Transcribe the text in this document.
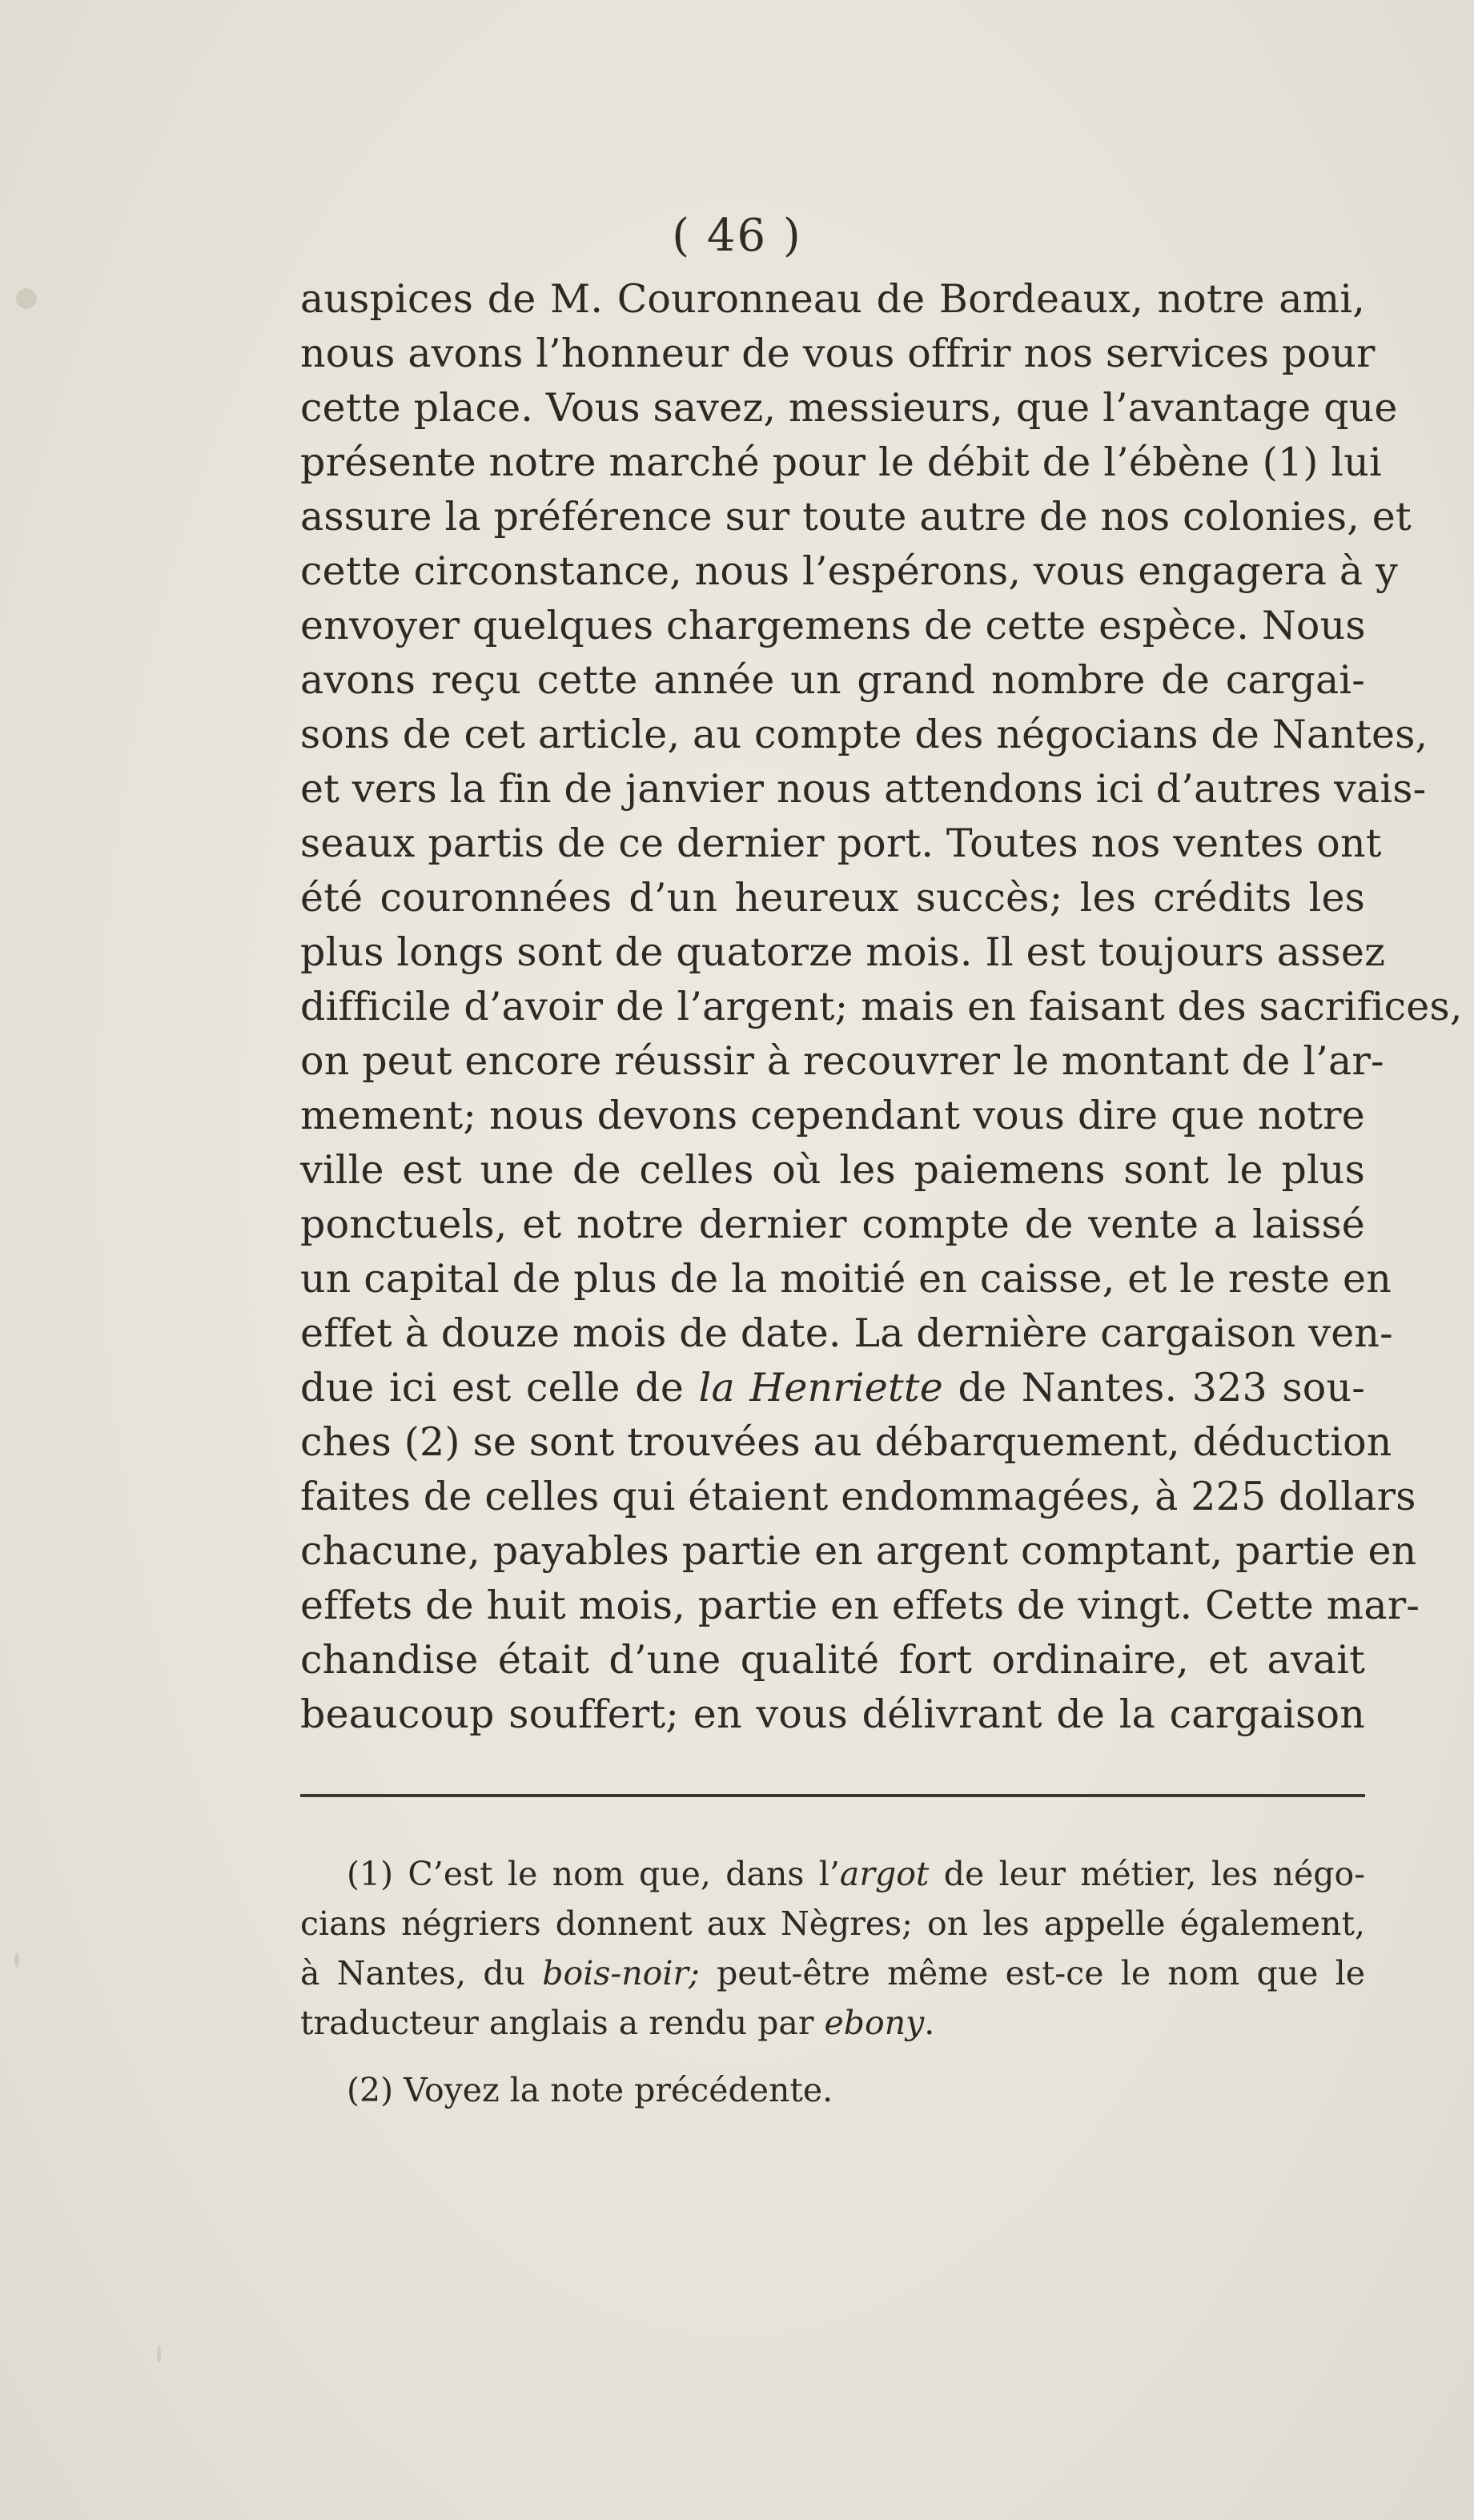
( 46 )
auspices de M. Couronneau de Bordeaux, notre ami,
nous avons l’honneur de vous offrir nos services pour
cette place. Vous savez, messieurs, que l’avantage que
présente notre marché pour le débit de l’ébène (1) lui
assure la préférence sur toute autre de nos colonies, et
cette circonstance, nous l’espérons, vous engagera à y
envoyer quelques chargemens de cette espèce. Nous
avons reçu cette année un grand nombre de cargai-
sons de cet article, au compte des négocians de Nantes,
et vers la fin de janvier nous attendons ici d’autres vais-
seaux partis de ce dernier port. Toutes nos ventes ont
été couronnées d’un heureux succès; les crédits les
plus longs sont de quatorze mois. Il est toujours assez
difficile d’avoir de l’argent; mais en faisant des sacrifices,
on peut encore réussir à recouvrer le montant de l’ar-
mement; nous devons cependant vous dire que notre
ville est une de celles où les paiemens sont le plus
ponctuels, et notre dernier compte de vente a laissé
un capital de plus de la moitié en caisse, et le reste en
effet à douze mois de date. La dernière cargaison ven-
due ici est celle de la Henriette de Nantes. 323 sou-
ches (2) se sont trouvées au débarquement, déduction
faites de celles qui étaient endommagées, à 225 dollars
chacune, payables partie en argent comptant, partie en
effets de huit mois, partie en effets de vingt. Cette mar-
chandise était d’une qualité fort ordinaire, et avait
beaucoup souffert; en vous délivrant de la cargaison
(1) C’est le nom que, dans l’argot de leur métier, les négo-
cians négriers donnent aux Nègres; on les appelle également,
à Nantes, du bois-noir; peut-être même est-ce le nom que le
traducteur anglais a rendu par ebony.
(2) Voyez la note précédente.
